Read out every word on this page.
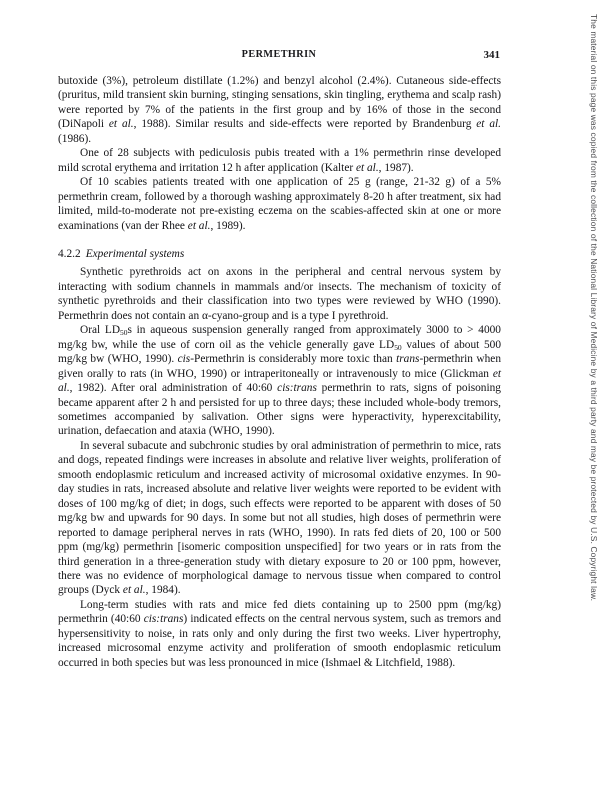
PERMETHRIN	341

butoxide (3%), petroleum distillate (1.2%) and benzyl alcohol (2.4%). Cutaneous side-effects (pruritus, mild transient skin burning, stinging sensations, skin tingling, erythema and scalp rash) were reported by 7% of the patients in the first group and by 16% of those in the second (DiNapoli et al., 1988). Similar results and side-effects were reported by Brandenburg et al. (1986).

One of 28 subjects with pediculosis pubis treated with a 1% permethrin rinse developed mild scrotal erythema and irritation 12 h after application (Kalter et al., 1987).

Of 10 scabies patients treated with one application of 25 g (range, 21-32 g) of a 5% permethrin cream, followed by a thorough washing approximately 8-20 h after treatment, six had limited, mild-to-moderate not pre-existing eczema on the scabies-affected skin at one or more examinations (van der Rhee et al., 1989).

4.2.2 Experimental systems

Synthetic pyrethroids act on axons in the peripheral and central nervous system by interacting with sodium channels in mammals and/or insects. The mechanism of toxicity of synthetic pyrethroids and their classification into two types were reviewed by WHO (1990). Permethrin does not contain an α-cyano-group and is a type I pyrethroid.

Oral $LD_{50}s$ in aqueous suspension generally ranged from approximately 3000 to > 4000 mg/kg bw, while the use of corn oil as the vehicle generally gave $LD_{50}$ values of about 500 mg/kg bw (WHO, 1990). cis-Permethrin is considerably more toxic than trans-permethrin when given orally to rats (in WHO, 1990) or intraperitoneally or intravenously to mice (Glickman et al., 1982). After oral administration of 40:60 cis:trans permethrin to rats, signs of poisoning became apparent after 2 h and persisted for up to three days; these included whole-body tremors, sometimes accompanied by salivation. Other signs were hyperactivity, hyperexcitability, urination, defaecation and ataxia (WHO, 1990).

In several subacute and subchronic studies by oral administration of permethrin to mice, rats and dogs, repeated findings were increases in absolute and relative liver weights, proliferation of smooth endoplasmic reticulum and increased activity of microsomal oxidative enzymes. In 90-day studies in rats, increased absolute and relative liver weights were reported to be evident with doses of 100 mg/kg of diet; in dogs, such effects were reported to be apparent with doses of 50 mg/kg bw and upwards for 90 days. In some but not all studies, high doses of permethrin were reported to damage peripheral nerves in rats (WHO, 1990). In rats fed diets of 20, 100 or 500 ppm (mg/kg) permethrin [isomeric composition unspecified] for two years or in rats from the third generation in a three-generation study with dietary exposure to 20 or 100 ppm, however, there was no evidence of morphological damage to nervous tissue when compared to control groups (Dyck et al., 1984).

Long-term studies with rats and mice fed diets containing up to 2500 ppm (mg/kg) permethrin (40:60 cis:trans) indicated effects on the central nervous system, such as tremors and hypersensitivity to noise, in rats only and only during the first two weeks. Liver hypertrophy, increased microsomal enzyme activity and proliferation of smooth endoplasmic reticulum occurred in both species but was less pronounced in mice (Ishmael & Litchfield, 1988).

The material on this page was copied from the collection of the National Library of Medicine by a third party and may be protected by U.S. Copyright law.
